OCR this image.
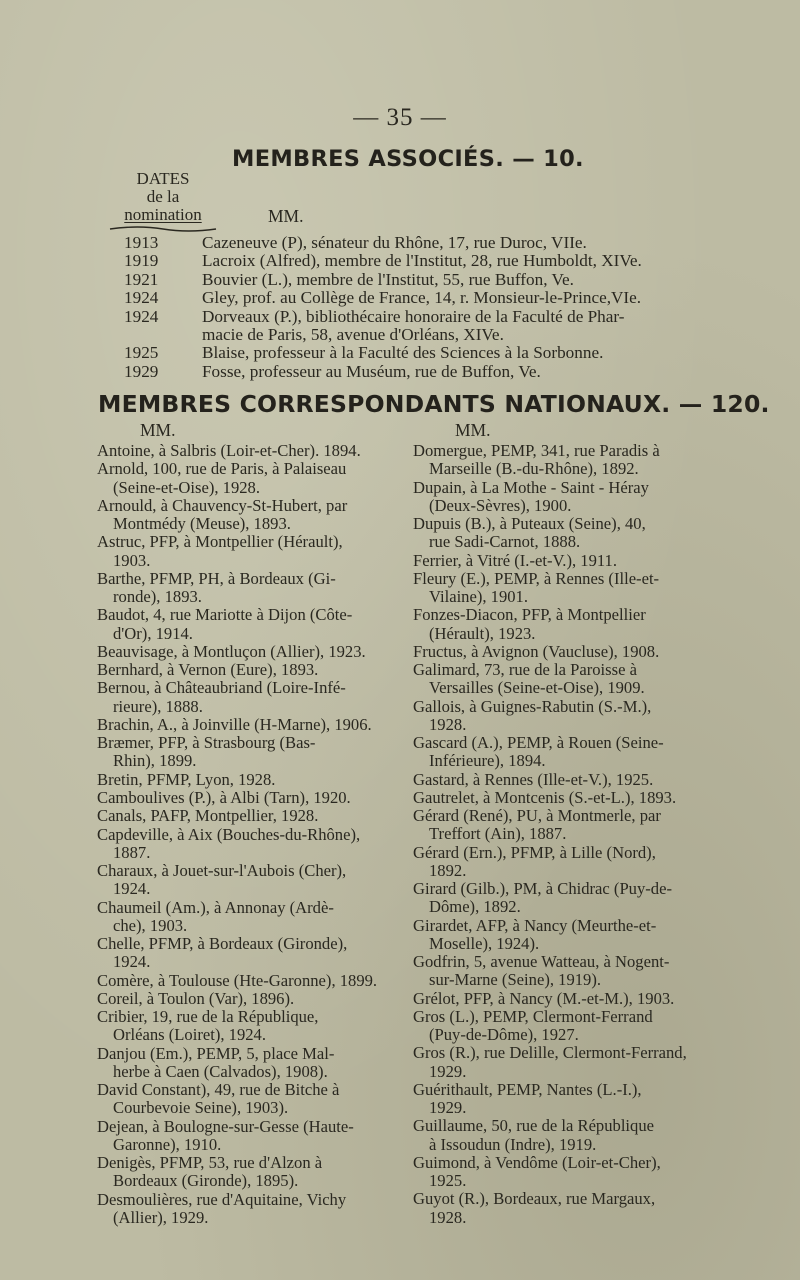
— 35 —
MEMBRES ASSOCIÉS. — 10.
DATES
de la
nomination	MM.
1913	Cazeneuve (P), sénateur du Rhône, 17, rue Duroc, VIIe.
1919	Lacroix (Alfred), membre de l'Institut, 28, rue Humboldt, XIVe.
1921	Bouvier (L.), membre de l'Institut, 55, rue Buffon, Ve.
1924	Gley, prof. au Collège de France, 14, r. Monsieur-le-Prince,VIe.
1924	Dorveaux (P.), bibliothécaire honoraire de la Faculté de Phar-
macie de Paris, 58, avenue d'Orléans, XIVe.
1925	Blaise, professeur à la Faculté des Sciences à la Sorbonne.
1929	Fosse, professeur au Muséum, rue de Buffon, Ve.
MEMBRES CORRESPONDANTS NATIONAUX. — 120.
MM.	MM.
Antoine, à Salbris (Loir-et-Cher). 1894.
Arnold, 100, rue de Paris, à Palaiseau
(Seine-et-Oise), 1928.
Arnould, à Chauvency-St-Hubert, par
Montmédy (Meuse), 1893.
Astruc, PFP, à Montpellier (Hérault),
1903.
Barthe, PFMP, PH, à Bordeaux (Gi-
ronde), 1893.
Baudot, 4, rue Mariotte à Dijon (Côte-
d'Or), 1914.
Beauvisage, à Montluçon (Allier), 1923.
Bernhard, à Vernon (Eure), 1893.
Bernou, à Châteaubriand (Loire-Infé-
rieure), 1888.
Brachin, A., à Joinville (H-Marne), 1906.
Bræmer, PFP, à Strasbourg (Bas-
Rhin), 1899.
Bretin, PFMP, Lyon, 1928.
Camboulives (P.), à Albi (Tarn), 1920.
Canals, PAFP, Montpellier, 1928.
Capdeville, à Aix (Bouches-du-Rhône),
1887.
Charaux, à Jouet-sur-l'Aubois (Cher),
1924.
Chaumeil (Am.), à Annonay (Ardè-
che), 1903.
Chelle, PFMP, à Bordeaux (Gironde),
1924.
Comère, à Toulouse (Hte-Garonne), 1899.
Coreil, à Toulon (Var), 1896).
Cribier, 19, rue de la République,
Orléans (Loiret), 1924.
Danjou (Em.), PEMP, 5, place Mal-
herbe à Caen (Calvados), 1908).
David Constant), 49, rue de Bitche à
Courbevoie Seine), 1903).
Dejean, à Boulogne-sur-Gesse (Haute-
Garonne), 1910.
Denigès, PFMP, 53, rue d'Alzon à
Bordeaux (Gironde), 1895).
Desmoulières, rue d'Aquitaine, Vichy
(Allier), 1929.
Domergue, PEMP, 341, rue Paradis à
Marseille (B.-du-Rhône), 1892.
Dupain, à La Mothe - Saint - Héray
(Deux-Sèvres), 1900.
Dupuis (B.), à Puteaux (Seine), 40,
rue Sadi-Carnot, 1888.
Ferrier, à Vitré (I.-et-V.), 1911.
Fleury (E.), PEMP, à Rennes (Ille-et-
Vilaine), 1901.
Fonzes-Diacon, PFP, à Montpellier
(Hérault), 1923.
Fructus, à Avignon (Vaucluse), 1908.
Galimard, 73, rue de la Paroisse à
Versailles (Seine-et-Oise), 1909.
Gallois, à Guignes-Rabutin (S.-M.),
1928.
Gascard (A.), PEMP, à Rouen (Seine-
Inférieure), 1894.
Gastard, à Rennes (Ille-et-V.), 1925.
Gautrelet, à Montcenis (S.-et-L.), 1893.
Gérard (René), PU, à Montmerle, par
Treffort (Ain), 1887.
Gérard (Ern.), PFMP, à Lille (Nord),
1892.
Girard (Gilb.), PM, à Chidrac (Puy-de-
Dôme), 1892.
Girardet, AFP, à Nancy (Meurthe-et-
Moselle), 1924).
Godfrin, 5, avenue Watteau, à Nogent-
sur-Marne (Seine), 1919).
Grélot, PFP, à Nancy (M.-et-M.), 1903.
Gros (L.), PEMP, Clermont-Ferrand
(Puy-de-Dôme), 1927.
Gros (R.), rue Delille, Clermont-Ferrand,
1929.
Guérithault, PEMP, Nantes (L.-I.),
1929.
Guillaume, 50, rue de la République
à Issoudun (Indre), 1919.
Guimond, à Vendôme (Loir-et-Cher),
1925.
Guyot (R.), Bordeaux, rue Margaux,
1928.
